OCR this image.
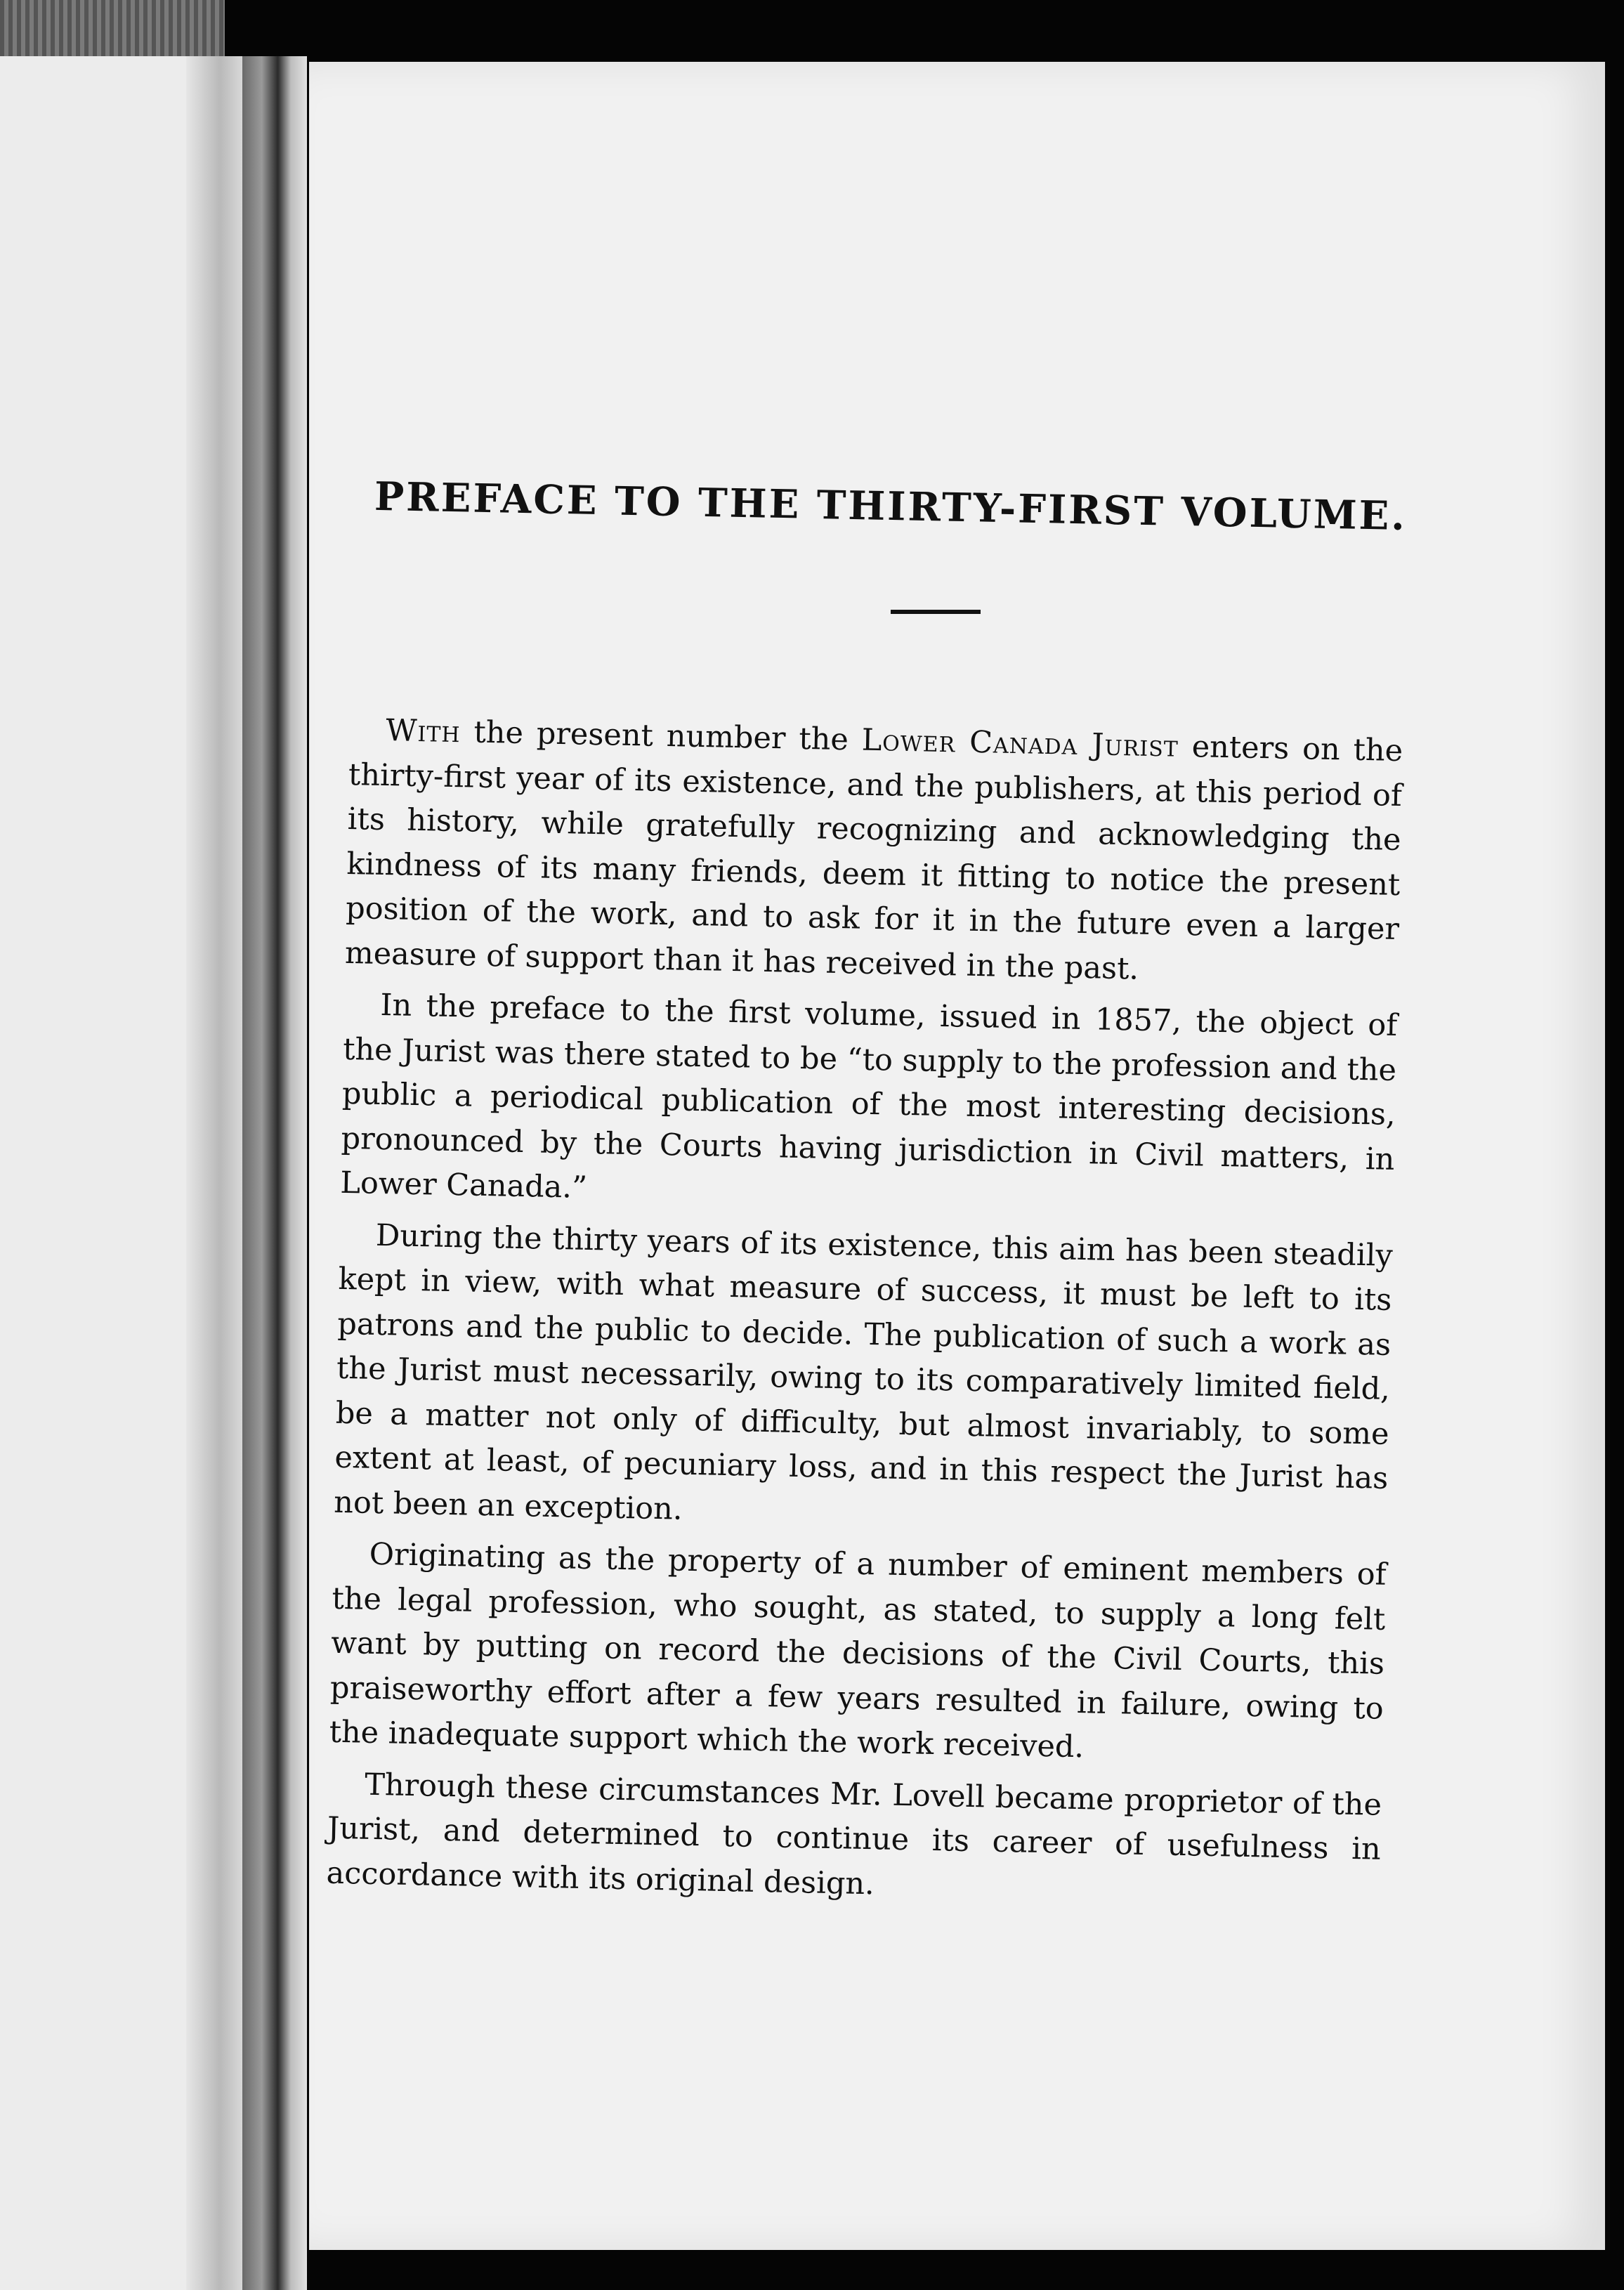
PREFACE TO THE THIRTY-FIRST VOLUME.

With the present number the Lower Canada Jurist enters on the thirty-first year of its existence, and the publishers, at this period of its history, while gratefully recognizing and acknowledging the kindness of its many friends, deem it fitting to notice the present position of the work, and to ask for it in the future even a larger measure of support than it has received in the past.

In the preface to the first volume, issued in 1857, the object of the Jurist was there stated to be “to supply to the profession and the public a periodical publication of the most interesting decisions, pronounced by the Courts having jurisdiction in Civil matters, in Lower Canada.”

During the thirty years of its existence, this aim has been steadily kept in view, with what measure of success, it must be left to its patrons and the public to decide. The publication of such a work as the Jurist must necessarily, owing to its comparatively limited field, be a matter not only of difficulty, but almost invariably, to some extent at least, of pecuniary loss, and in this respect the Jurist has not been an exception.

Originating as the property of a number of eminent members of the legal profession, who sought, as stated, to supply a long felt want by putting on record the decisions of the Civil Courts, this praiseworthy effort after a few years resulted in failure, owing to the inadequate support which the work received.

Through these circumstances Mr. Lovell became proprietor of the Jurist, and determined to continue its career of usefulness in accordance with its original design.
